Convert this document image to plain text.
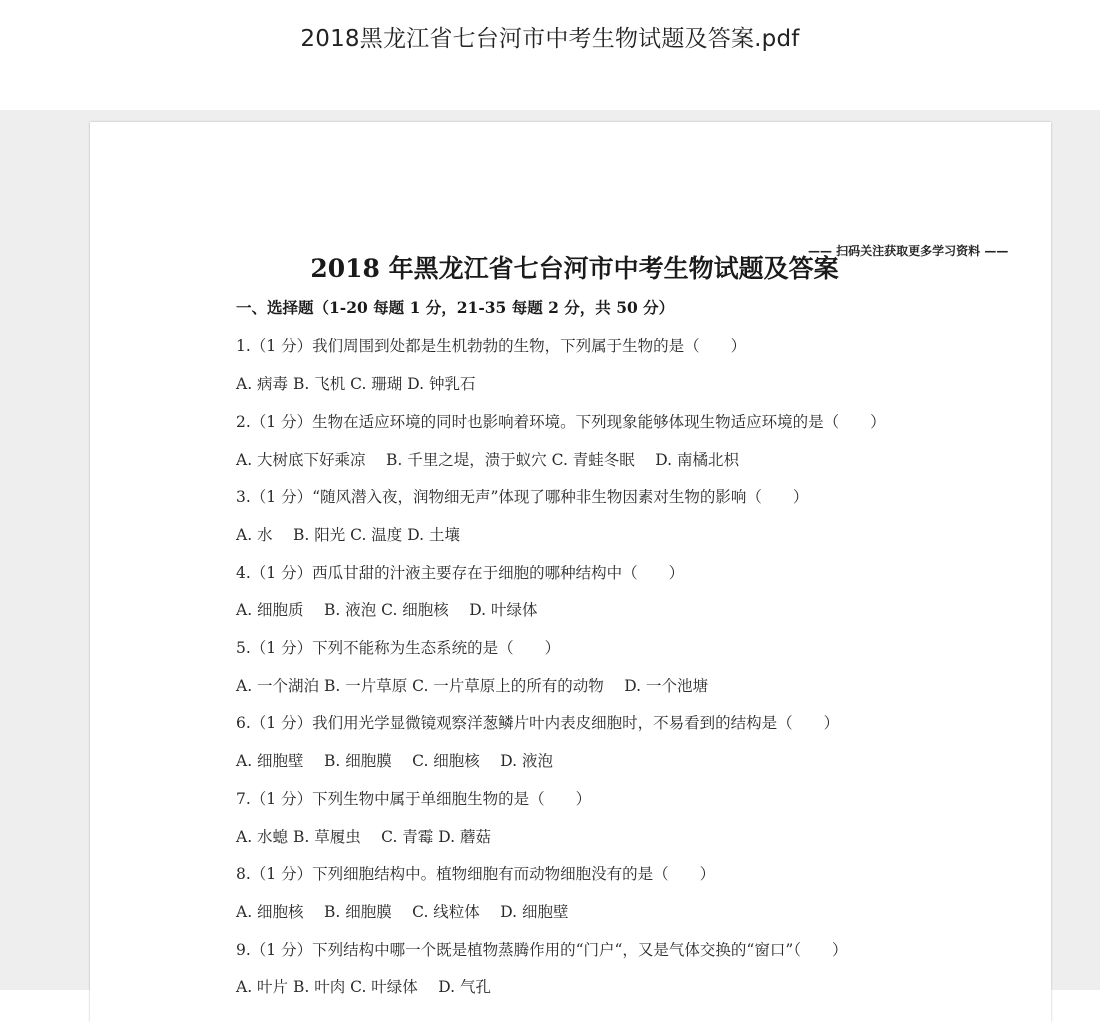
2018黑龙江省七台河市中考生物试题及答案.pdf
—— 扫码关注获取更多学习资料 ——
2018 年黑龙江省七台河市中考生物试题及答案
一、选择题（1-20 每题 1 分，21-35 每题 2 分，共 50 分）
1.（1 分）我们周围到处都是生机勃勃的生物，下列属于生物的是（　　）
A. 病毒 B. 飞机 C. 珊瑚 D. 钟乳石
2.（1 分）生物在适应环境的同时也影响着环境。下列现象能够体现生物适应环境的是（　　）
A. 大树底下好乘凉　 B. 千里之堤，溃于蚁穴 C. 青蛙冬眠　 D. 南橘北枳
3.（1 分）“随风潜入夜，润物细无声”体现了哪种非生物因素对生物的影响（　　）
A. 水　 B. 阳光 C. 温度 D. 土壤
4.（1 分）西瓜甘甜的汁液主要存在于细胞的哪种结构中（　　）
A. 细胞质　 B. 液泡 C. 细胞核　 D. 叶绿体
5.（1 分）下列不能称为生态系统的是（　　）
A. 一个湖泊 B. 一片草原 C. 一片草原上的所有的动物　 D. 一个池塘
6.（1 分）我们用光学显微镜观察洋葱鳞片叶内表皮细胞时，不易看到的结构是（　　）
A. 细胞壁　 B. 细胞膜　 C. 细胞核　 D. 液泡
7.（1 分）下列生物中属于单细胞生物的是（　　）
A. 水螅 B. 草履虫　 C. 青霉 D. 蘑菇
8.（1 分）下列细胞结构中。植物细胞有而动物细胞没有的是（　　）
A. 细胞核　 B. 细胞膜　 C. 线粒体　 D. 细胞壁
9.（1 分）下列结构中哪一个既是植物蒸腾作用的“门户“，又是气体交换的“窗口”（　　）
A. 叶片 B. 叶肉 C. 叶绿体　 D. 气孔
